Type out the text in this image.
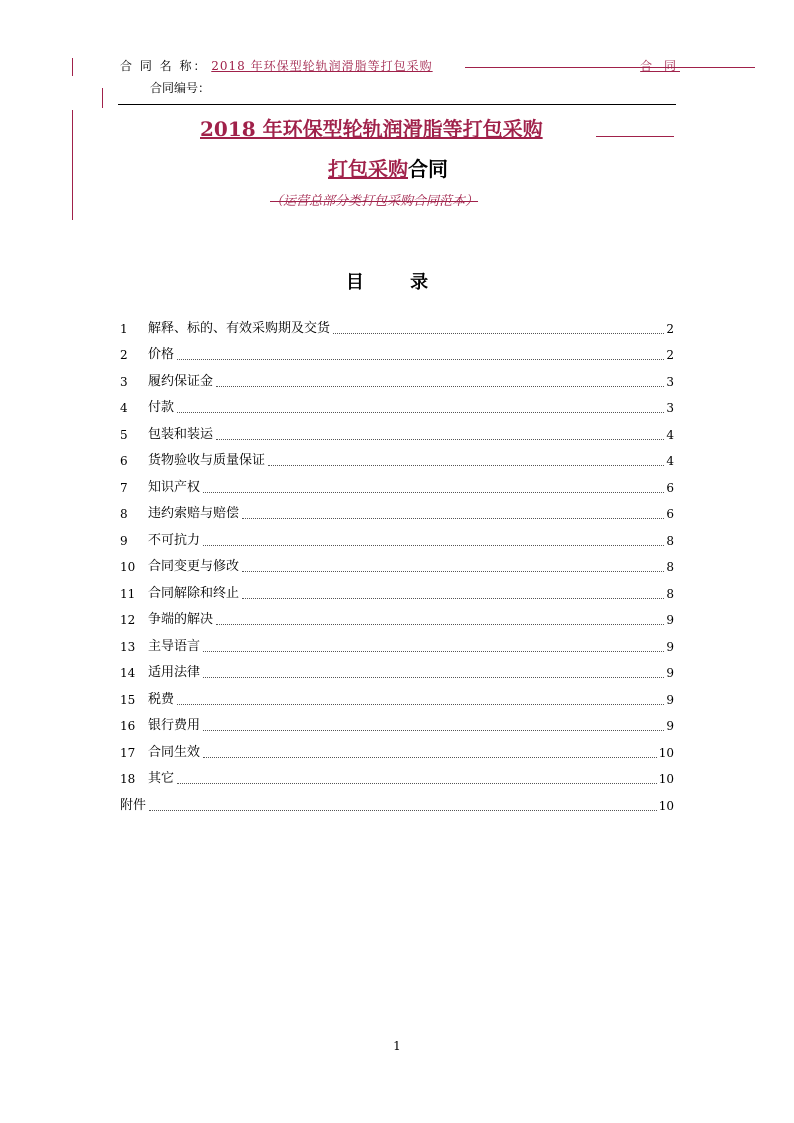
合 同 名 称： 2018 年环保型轮轨润滑脂等打包采购	合 同
合同编号：
2018 年环保型轮轨润滑脂等打包采购
打包采购合同
（运营总部分类打包采购合同范本）
目 录
1	解释、标的、有效采购期及交货	2
2	价格	2
3	履约保证金	3
4	付款	3
5	包装和装运	4
6	货物验收与质量保证	4
7	知识产权	6
8	违约索赔与赔偿	6
9	不可抗力	8
10 合同变更与修改	8
11 合同解除和终止	8
12 争端的解决	9
13 主导语言	9
14 适用法律	9
15 税费	9
16 银行费用	9
17 合同生效	10
18 其它	10
附件	10
1
